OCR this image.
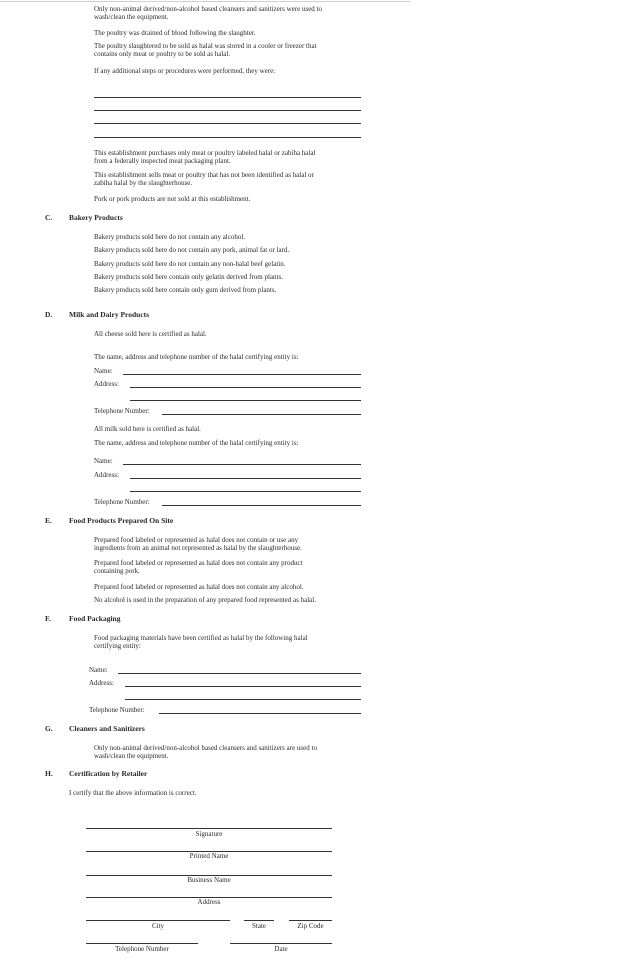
Only non-animal derived/non-alcohol based cleansers and sanitizers were used to
wash/clean the equipment.
The poultry was drained of blood following the slaughter.
The poultry slaughtered to be sold as halal was stored in a cooler or freezer that
contains only meat or poultry to be sold as halal.
If any additional steps or procedures were performed, they were:
This establishment purchases only meat or poultry labeled halal or zabiha halal
from a federally inspected meat packaging plant.
This establishment sells meat or poultry that has not been identified as halal or
zabiha halal by the slaughterhouse.
Pork or pork products are not sold at this establishment.
C. Bakery Products
Bakery products sold here do not contain any alcohol.
Bakery products sold here do not contain any pork, animal fat or lard.
Bakery products sold here do not contain any non-halal beef gelatin.
Bakery products sold here contain only gelatin derived from plants.
Bakery products sold here contain only gum derived from plants.
D. Milk and Dairy Products
All cheese sold here is certified as halal.
The name, address and telephone number of the halal certifying entity is:
Name:
Address:
Telephone Number:
All milk sold here is certified as halal.
The name, address and telephone number of the halal certifying entity is:
Name:
Address:
Telephone Number:
E. Food Products Prepared On Site
Prepared food labeled or represented as halal does not contain or use any
ingredients from an animal not represented as halal by the slaughterhouse.
Prepared food labeled or represented as halal does not contain any product
containing pork.
Prepared food labeled or represented as halal does not contain any alcohol.
No alcohol is used in the preparation of any prepared food represented as halal.
F. Food Packaging
Food packaging materials have been certified as halal by the following halal
certifying entity:
Name:
Address:
Telephone Number:
G. Cleaners and Sanitizers
Only non-animal derived/non-alcohol based cleansers and sanitizers are used to
wash/clean the equipment.
H. Certification by Retailer
I certify that the above information is correct.
Signature
Printed Name
Business Name
Address
City	State	Zip Code
Telephone Number	Date
